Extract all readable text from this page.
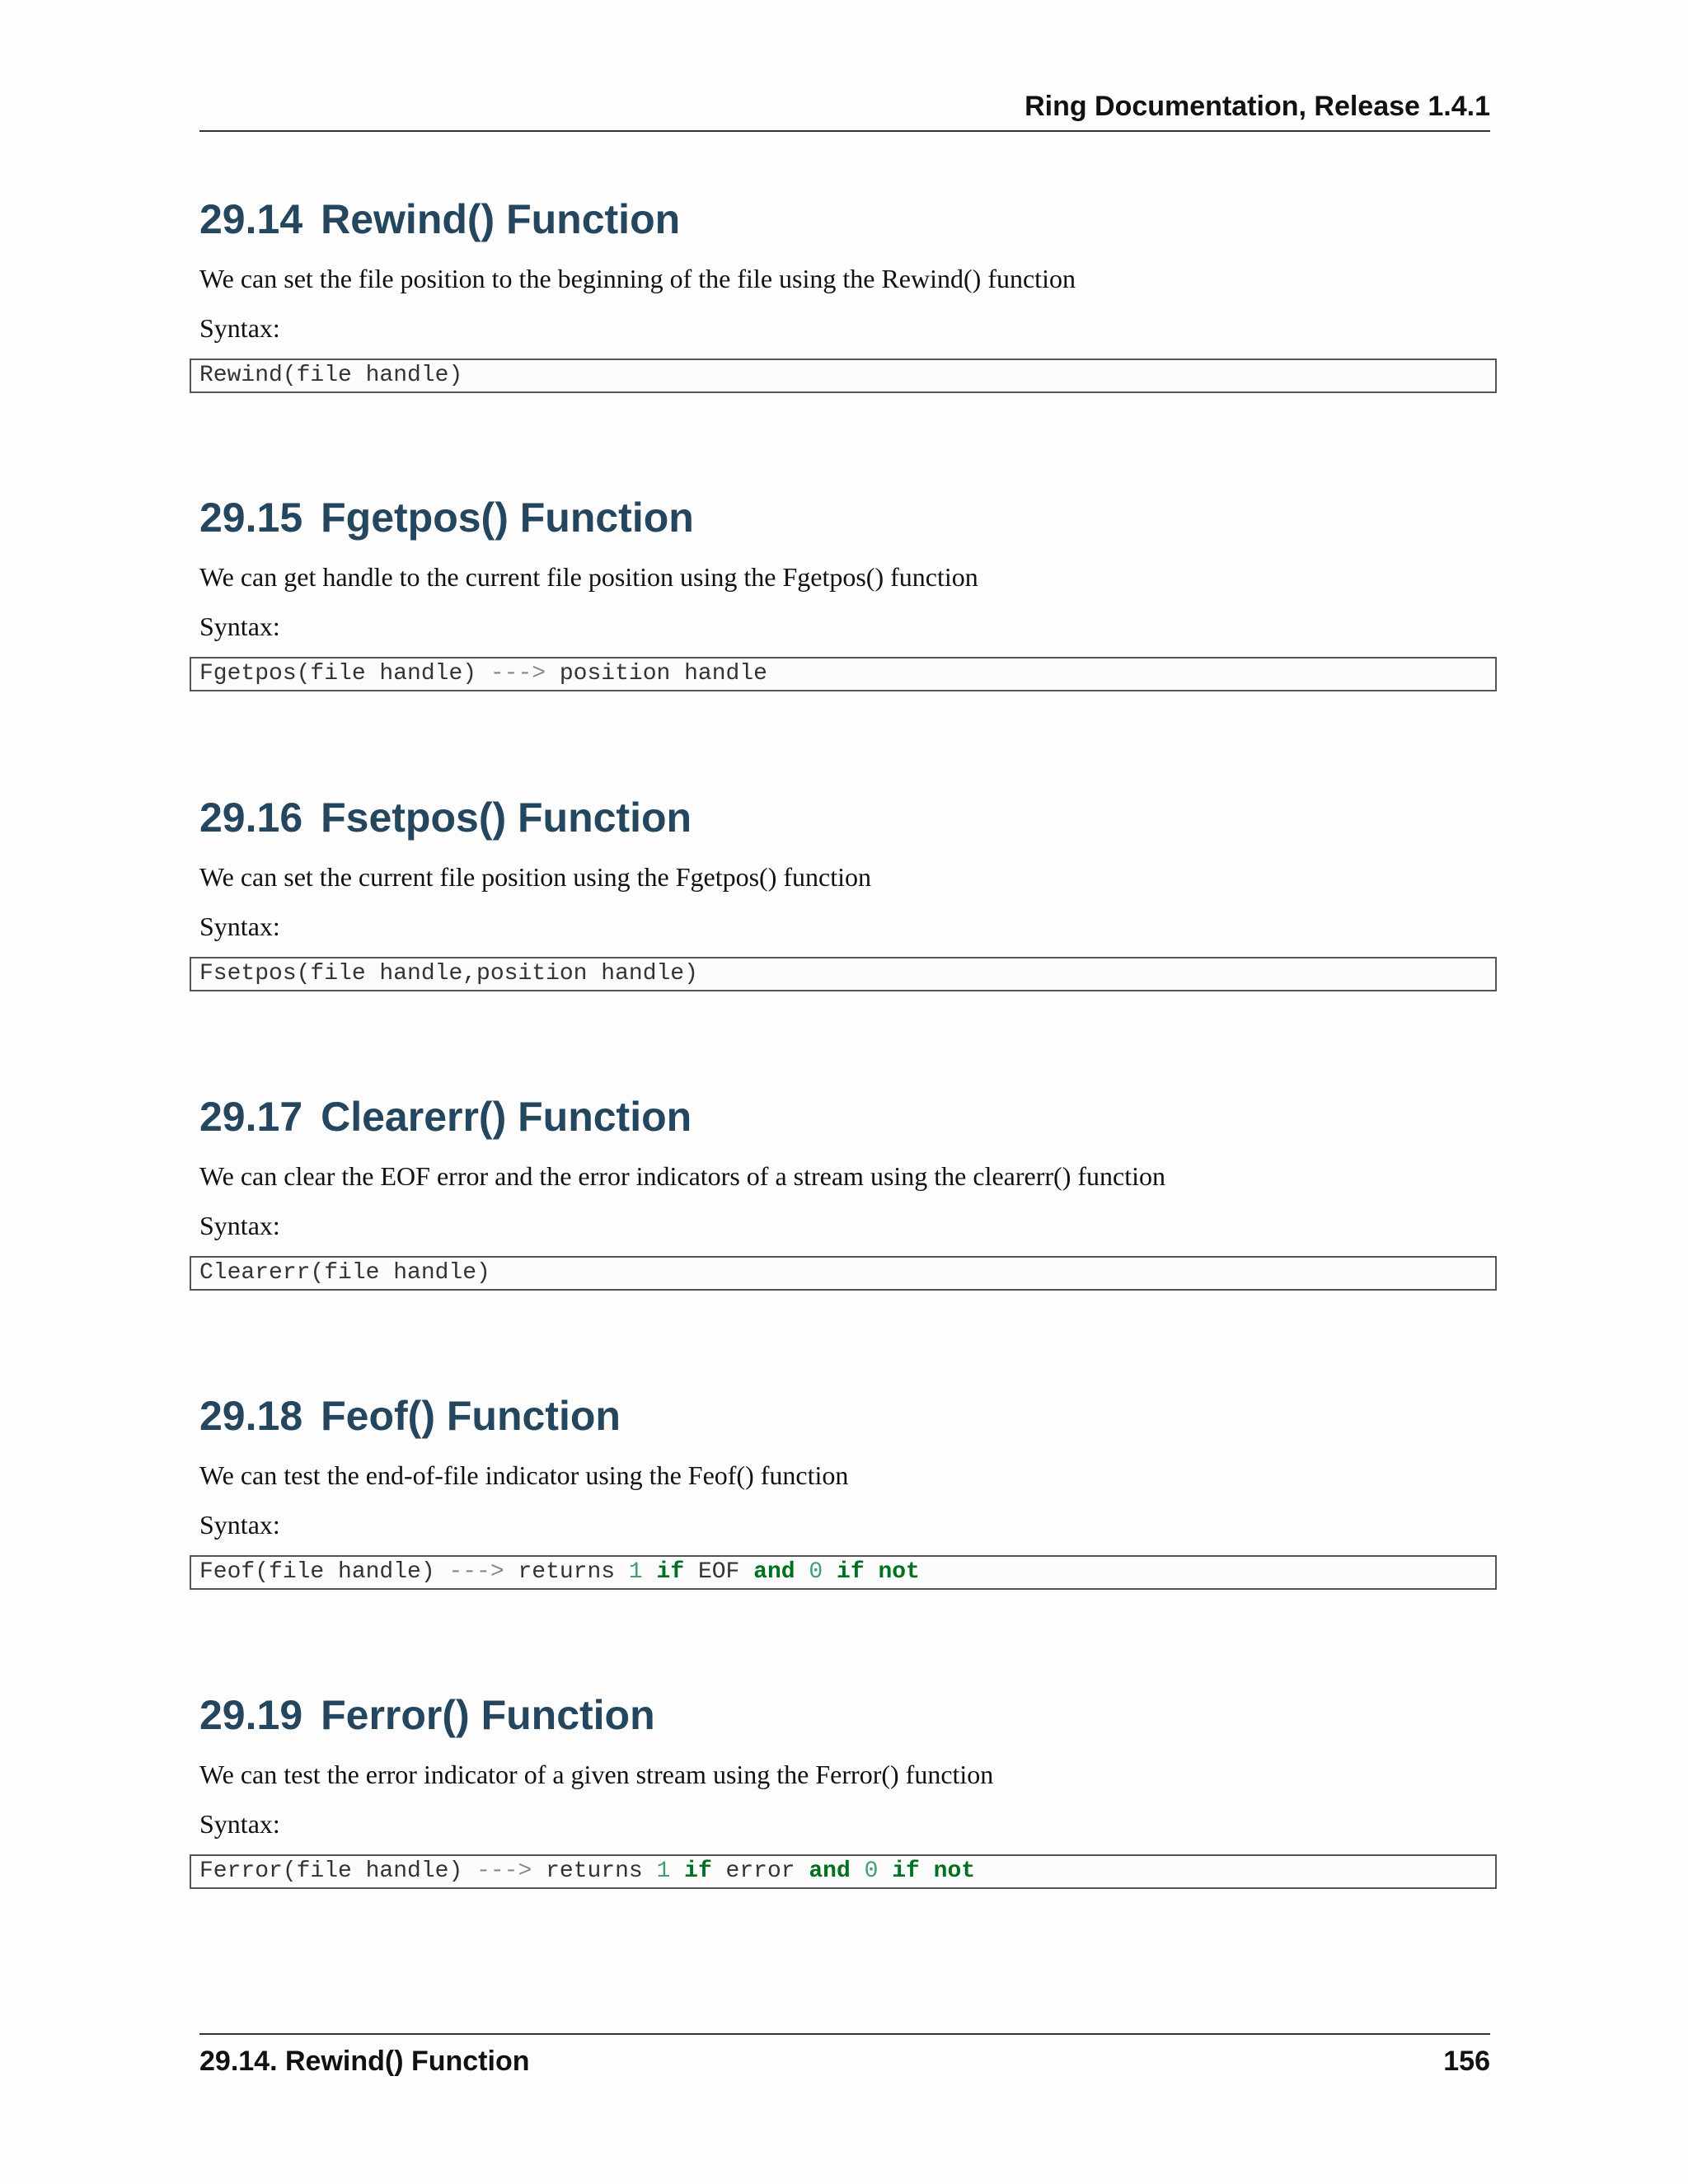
Ring Documentation, Release 1.4.1
29.14 Rewind() Function

We can set the file position to the beginning of the file using the Rewind() function

Syntax:

Rewind(file handle)
29.15 Fgetpos() Function

We can get handle to the current file position using the Fgetpos() function

Syntax:

Fgetpos(file handle) ---> position handle
29.16 Fsetpos() Function

We can set the current file position using the Fgetpos() function

Syntax:

Fsetpos(file handle,position handle)
29.17 Clearerr() Function

We can clear the EOF error and the error indicators of a stream using the clearerr() function

Syntax:

Clearerr(file handle)
29.18 Feof() Function

We can test the end-of-file indicator using the Feof() function

Syntax:

Feof(file handle) ---> returns 1 if EOF and 0 if not
29.19 Ferror() Function

We can test the error indicator of a given stream using the Ferror() function

Syntax:

Ferror(file handle) ---> returns 1 if error and 0 if not
29.14. Rewind() Function	156
